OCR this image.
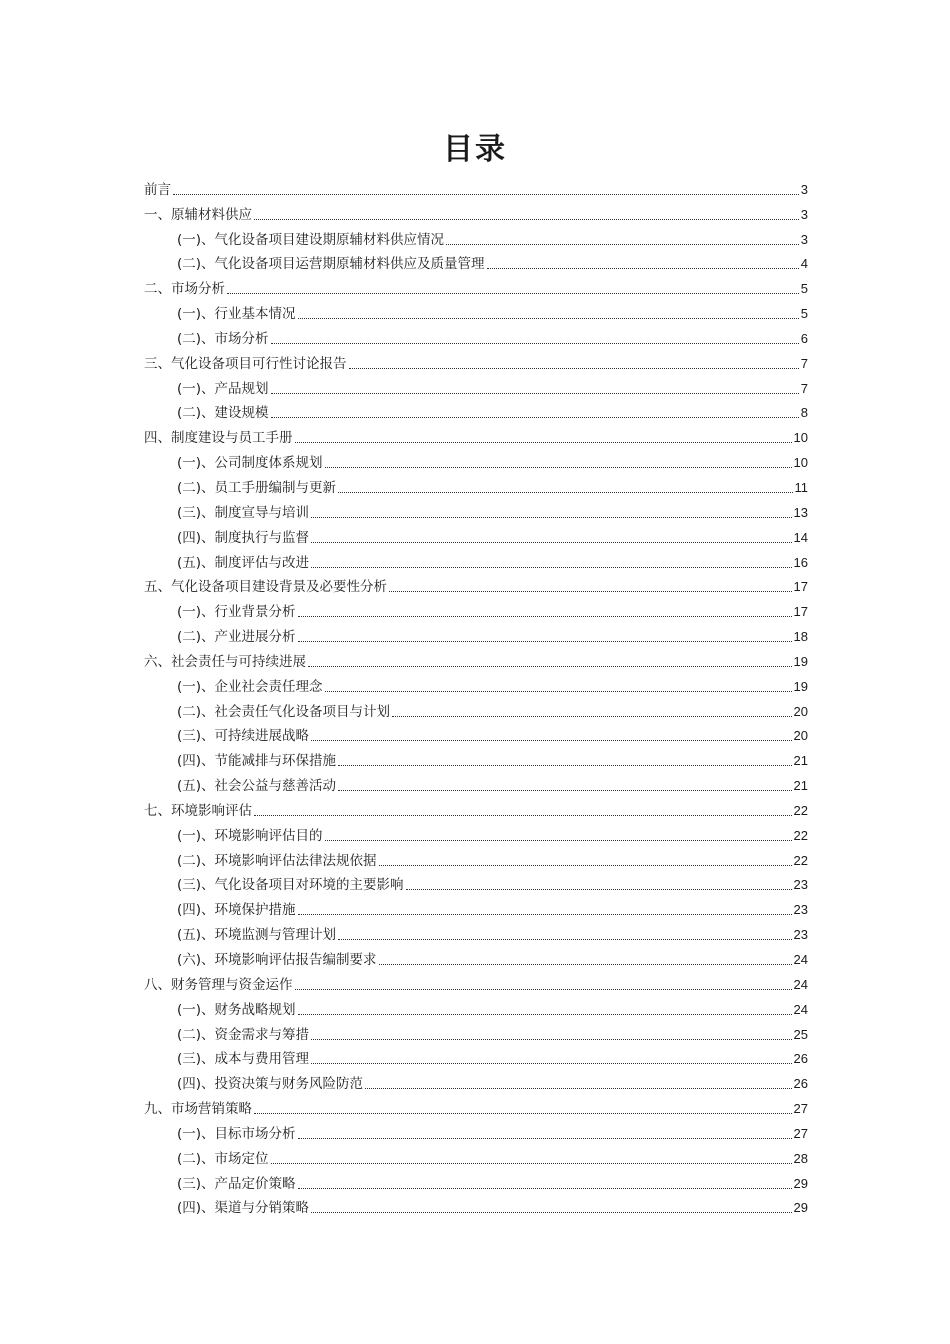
目录
前言	3
一、原辅材料供应	3
(一)、气化设备项目建设期原辅材料供应情况	3
(二)、气化设备项目运营期原辅材料供应及质量管理	4
二、市场分析	5
(一)、行业基本情况	5
(二)、市场分析	6
三、气化设备项目可行性讨论报告	7
(一)、产品规划	7
(二)、建设规模	8
四、制度建设与员工手册	10
(一)、公司制度体系规划	10
(二)、员工手册编制与更新	11
(三)、制度宣导与培训	13
(四)、制度执行与监督	14
(五)、制度评估与改进	16
五、气化设备项目建设背景及必要性分析	17
(一)、行业背景分析	17
(二)、产业进展分析	18
六、社会责任与可持续进展	19
(一)、企业社会责任理念	19
(二)、社会责任气化设备项目与计划	20
(三)、可持续进展战略	20
(四)、节能减排与环保措施	21
(五)、社会公益与慈善活动	21
七、环境影响评估	22
(一)、环境影响评估目的	22
(二)、环境影响评估法律法规依据	22
(三)、气化设备项目对环境的主要影响	23
(四)、环境保护措施	23
(五)、环境监测与管理计划	23
(六)、环境影响评估报告编制要求	24
八、财务管理与资金运作	24
(一)、财务战略规划	24
(二)、资金需求与筹措	25
(三)、成本与费用管理	26
(四)、投资决策与财务风险防范	26
九、市场营销策略	27
(一)、目标市场分析	27
(二)、市场定位	28
(三)、产品定价策略	29
(四)、渠道与分销策略	29
